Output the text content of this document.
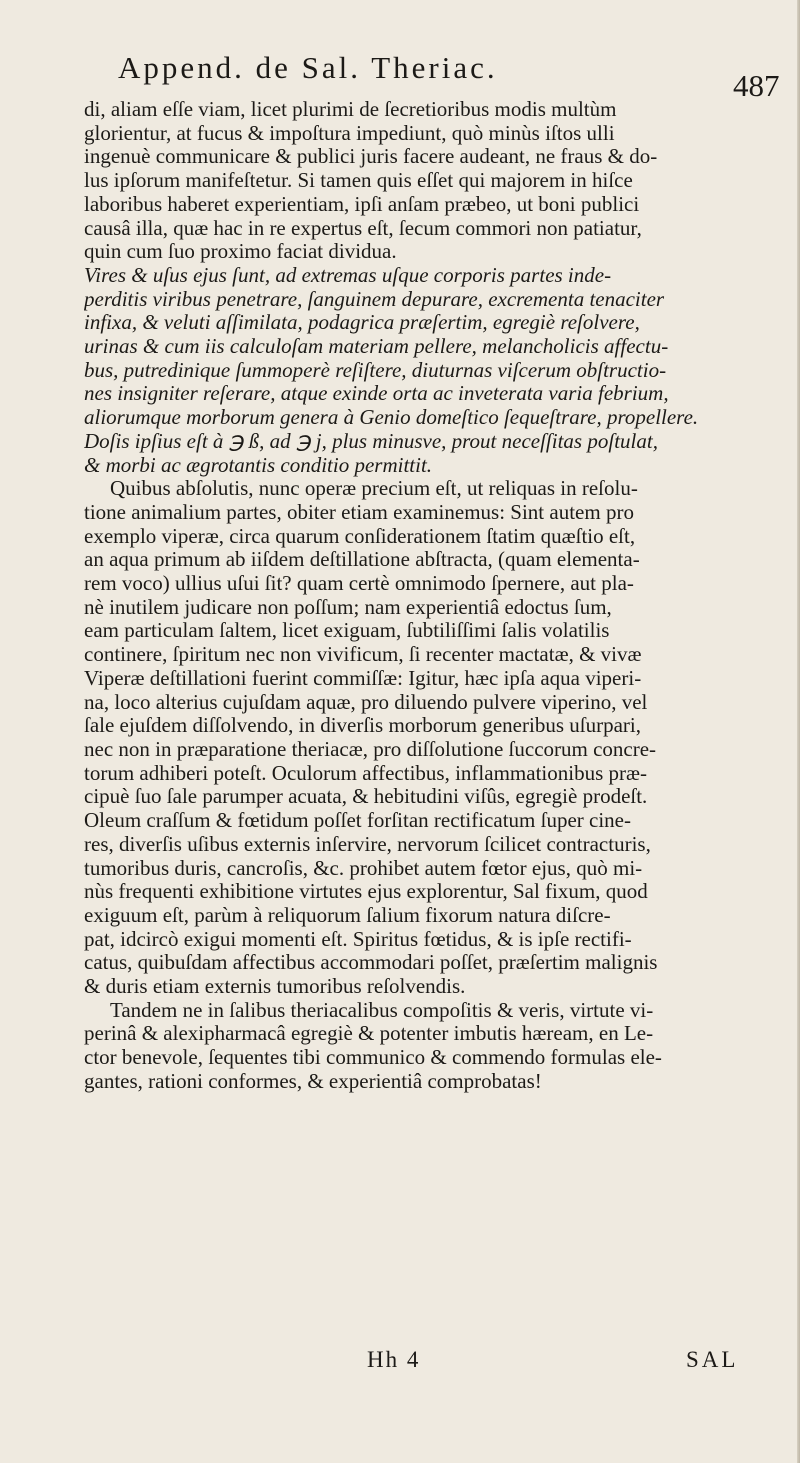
Append. de Sal. Theriac.
487

di, aliam eſſe viam, licet plurimi de ſecretioribus modis multùm
glorientur, at fucus & impoſtura impediunt, quò minùs iſtos ulli
ingenuè communicare & publici juris facere audeant, ne fraus & do-
lus ipſorum manifeſtetur. Si tamen quis eſſet qui majorem in hiſce
laboribus haberet experientiam, ipſi anſam præbeo, ut boni publici
causâ illa, quæ hac in re expertus eſt, ſecum commori non patiatur,
quin cum ſuo proximo faciat dividua.

Vires & uſus ejus ſunt, ad extremas uſque corporis partes inde-
perditis viribus penetrare, ſanguinem depurare, excrementa tenaciter
infixa, & veluti aſſimilata, podagrica præſertim, egregiè reſolvere,
urinas & cum iis calculoſam materiam pellere, melancholicis affectu-
bus, putredinique ſummoperè reſiſtere, diuturnas viſcerum obſtructio-
nes insigniter reſerare, atque exinde orta ac inveterata varia febrium,
aliorumque morborum genera à Genio domeſtico ſequeſtrare, propellere.
Doſis ipſius eſt à ℈ ß, ad ℈ j, plus minusve, prout neceſſitas poſtulat,
& morbi ac ægrotantis conditio permittit.

Quibus abſolutis, nunc operæ precium eſt, ut reliquas in reſolu-
tione animalium partes, obiter etiam examinemus: Sint autem pro
exemplo viperæ, circa quarum conſiderationem ſtatim quæſtio eſt,
an aqua primum ab iiſdem deſtillatione abſtracta, (quam elementa-
rem voco) ullius uſui ſit? quam certè omnimodo ſpernere, aut pla-
nè inutilem judicare non poſſum; nam experientiâ edoctus ſum,
eam particulam ſaltem, licet exiguam, ſubtiliſſimi ſalis volatilis
continere, ſpiritum nec non vivificum, ſi recenter mactatæ, & vivæ
Viperæ deſtillationi fuerint commiſſæ: Igitur, hæc ipſa aqua viperi-
na, loco alterius cujuſdam aquæ, pro diluendo pulvere viperino, vel
ſale ejuſdem diſſolvendo, in diverſis morborum generibus uſurpari,
nec non in præparatione theriacæ, pro diſſolutione ſuccorum concre-
torum adhiberi poteſt. Oculorum affectibus, inflammationibus præ-
cipuè ſuo ſale parumper acuata, & hebitudini viſûs, egregiè prodeſt.
Oleum craſſum & fœtidum poſſet forſitan rectificatum ſuper cine-
res, diverſis uſibus externis inſervire, nervorum ſcilicet contracturis,
tumoribus duris, cancroſis, &c. prohibet autem fœtor ejus, quò mi-
nùs frequenti exhibitione virtutes ejus explorentur, Sal fixum, quod
exiguum eſt, parùm à reliquorum ſalium fixorum natura diſcre-
pat, idcircò exigui momenti eſt. Spiritus fœtidus, & is ipſe rectifi-
catus, quibuſdam affectibus accommodari poſſet, præſertim malignis
& duris etiam externis tumoribus reſolvendis.

Tandem ne in ſalibus theriacalibus compoſitis & veris, virtute vi-
perinâ & alexipharmacâ egregiè & potenter imbutis hæream, en Le-
ctor benevole, ſequentes tibi communico & commendo formulas ele-
gantes, rationi conformes, & experientiâ comprobatas!

Hh 4	SAL
